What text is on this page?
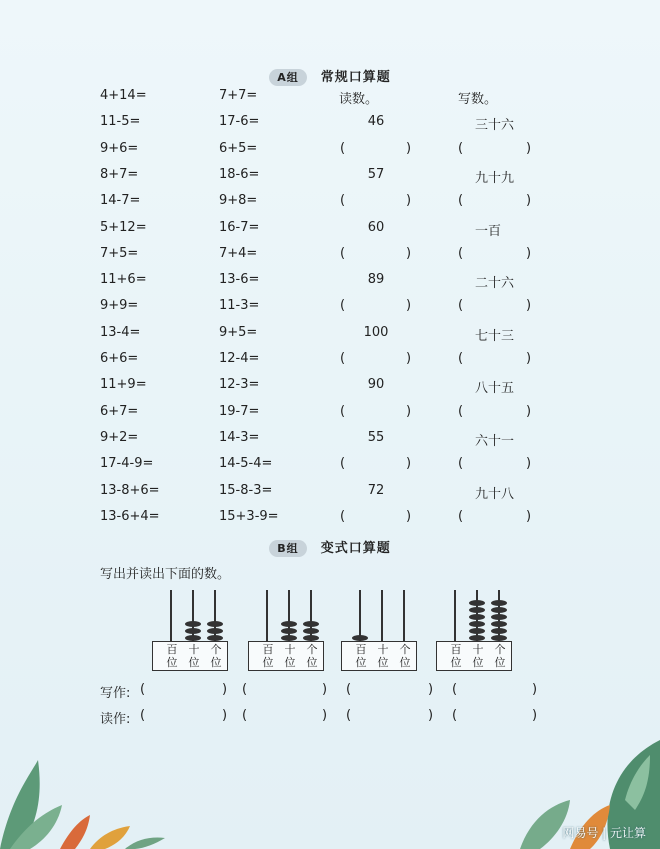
A组 常规口算题
读数。	写数。
4+14=	7+7=
11-5=	17-6=
9+6=	6+5=
8+7=	18-6=
14-7=	9+8=
5+12=	16-7=
7+5=	7+4=
11+6=	13-6=
9+9=	11-3=
13-4=	9+5=
6+6=	12-4=
11+9=	12-3=
6+7=	19-7=
9+2=	14-3=
17-4-9=	14-5-4=
13-8+6=	15-8-3=
13-6+4=	15+3-9=
46	三十六
(	)	(	)
57	九十九
(	)	(	)
60	一百
(	)	(	)
89	二十六
(	)	(	)
100	七十三
(	)	(	)
90	八十五
(	)	(	)
55	六十一
(	)	(	)
72	九十八
(	)	(	)
B组 变式口算题
写出并读出下面的数。
百
位
十
位
个
位
百
位
十
位
个
位
百
位
十
位
个
位
百
位
十
位
个
位
写作: (	) (	) (	) (	)
读作: (	) (	) (	) (	)
网易号 | 元让算
